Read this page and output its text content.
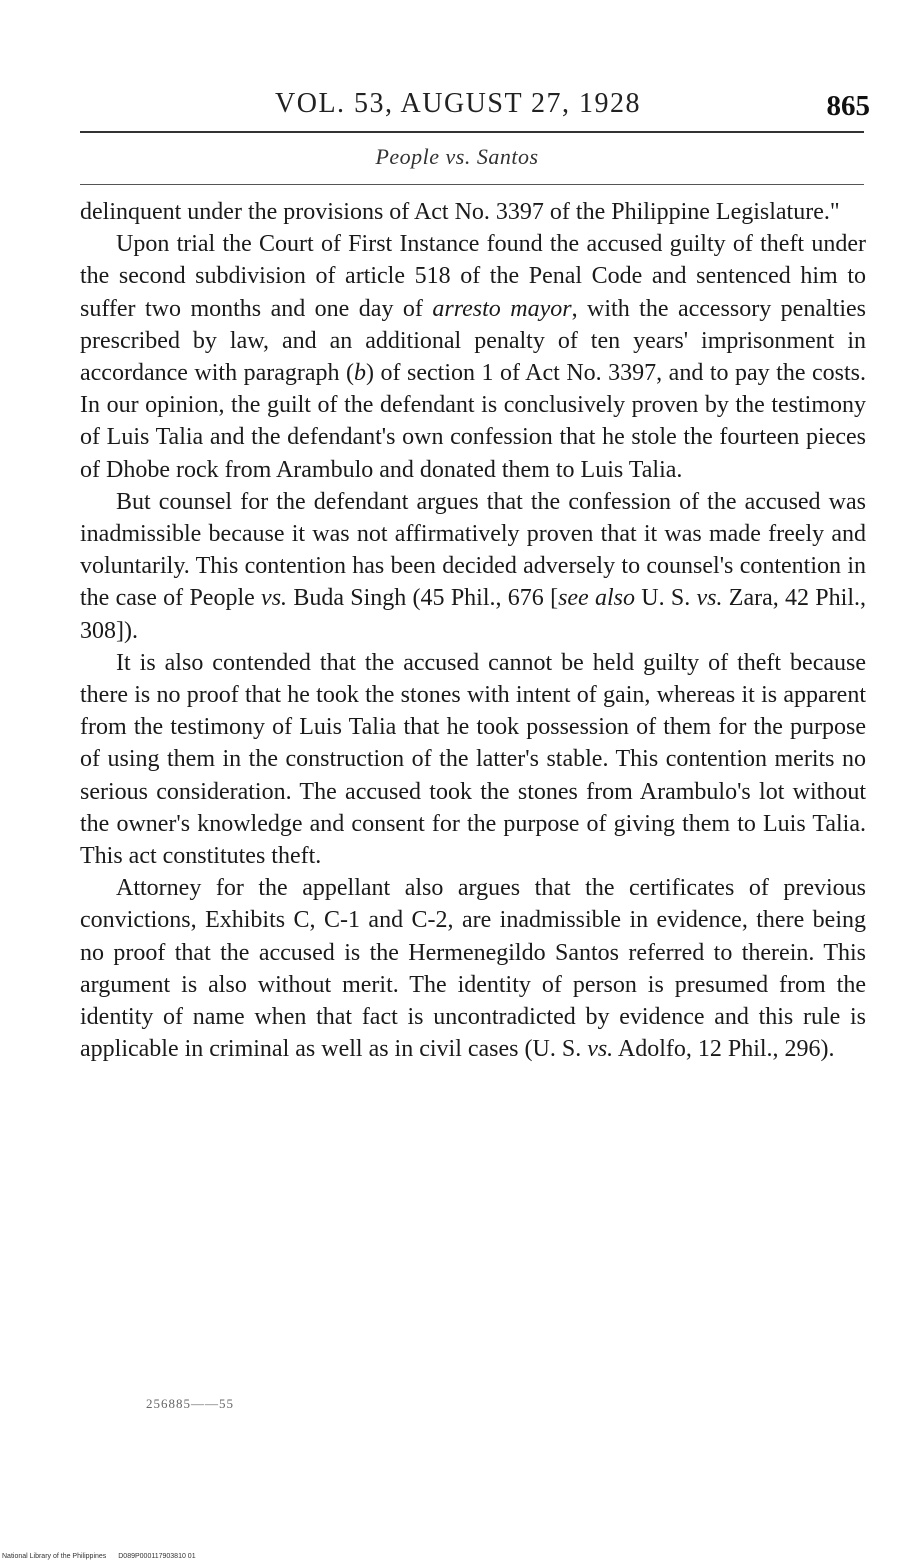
VOL. 53, AUGUST 27, 1928	865
People vs. Santos

delinquent under the provisions of Act No. 3397 of the Philippine Legislature."

Upon trial the Court of First Instance found the accused guilty of theft under the second subdivision of article 518 of the Penal Code and sentenced him to suffer two months and one day of arresto mayor, with the accessory penalties prescribed by law, and an additional penalty of ten years' imprisonment in accordance with paragraph (b) of section 1 of Act No. 3397, and to pay the costs. In our opinion, the guilt of the defendant is conclusively proven by the testimony of Luis Talia and the defendant's own confession that he stole the fourteen pieces of Dhobe rock from Arambulo and donated them to Luis Talia.

But counsel for the defendant argues that the confession of the accused was inadmissible because it was not affirmatively proven that it was made freely and voluntarily. This contention has been decided adversely to counsel's contention in the case of People vs. Buda Singh (45 Phil., 676 [see also U. S. vs. Zara, 42 Phil., 308]).

It is also contended that the accused cannot be held guilty of theft because there is no proof that he took the stones with intent of gain, whereas it is apparent from the testimony of Luis Talia that he took possession of them for the purpose of using them in the construction of the latter's stable. This contention merits no serious consideration. The accused took the stones from Arambulo's lot without the owner's knowledge and consent for the purpose of giving them to Luis Talia. This act constitutes theft.

Attorney for the appellant also argues that the certificates of previous convictions, Exhibits C, C-1 and C-2, are inadmissible in evidence, there being no proof that the accused is the Hermenegildo Santos referred to therein. This argument is also without merit. The identity of person is presumed from the identity of name when that fact is uncontradicted by evidence and this rule is applicable in criminal as well as in civil cases (U. S. vs. Adolfo, 12 Phil., 296).

256885——55
National Library of the Philippines D089P000117903810 01
